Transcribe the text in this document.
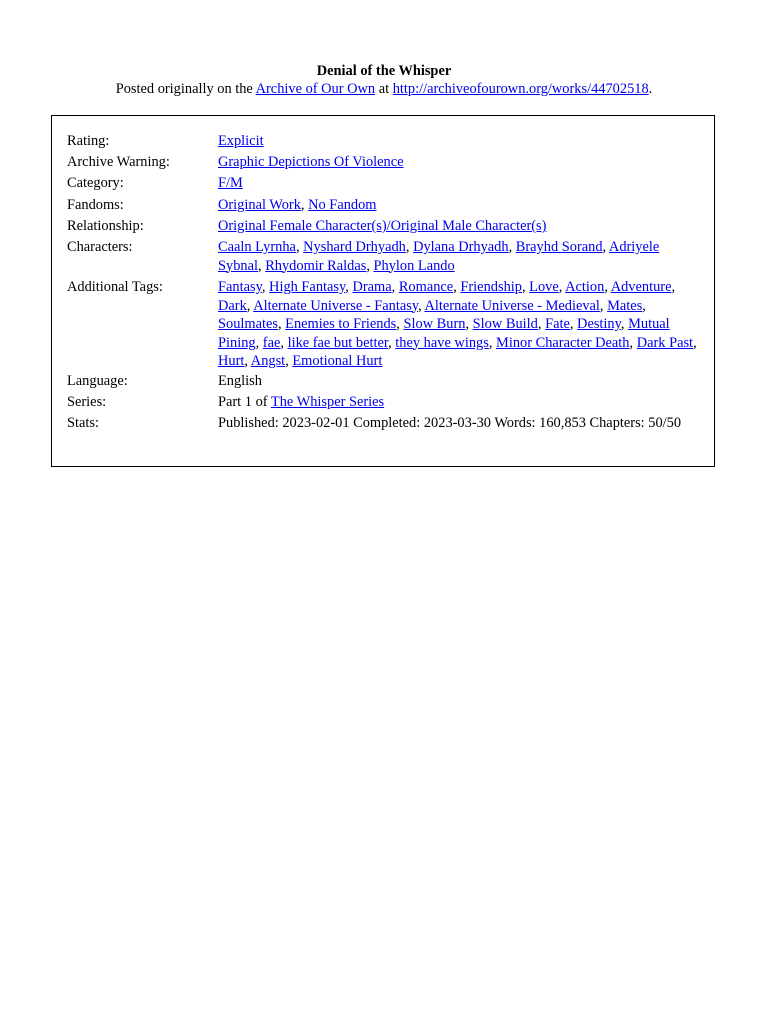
Denial of the Whisper
Posted originally on the Archive of Our Own at http://archiveofourown.org/works/44702518.
Rating:	Explicit
Archive Warning:	Graphic Depictions Of Violence
Category:	F/M
Fandoms:	Original Work, No Fandom
Relationship:	Original Female Character(s)/Original Male Character(s)
Characters:	Caaln Lyrnha, Nyshard Drhyadh, Dylana Drhyadh, Brayhd Sorand, Adriyele Sybnal, Rhydomir Raldas, Phylon Lando
Additional Tags:	Fantasy, High Fantasy, Drama, Romance, Friendship, Love, Action, Adventure, Dark, Alternate Universe - Fantasy, Alternate Universe - Medieval, Mates, Soulmates, Enemies to Friends, Slow Burn, Slow Build, Fate, Destiny, Mutual Pining, fae, like fae but better, they have wings, Minor Character Death, Dark Past, Hurt, Angst, Emotional Hurt
Language:	English
Series:	Part 1 of The Whisper Series
Stats:	Published: 2023-02-01 Completed: 2023-03-30 Words: 160,853 Chapters: 50/50
